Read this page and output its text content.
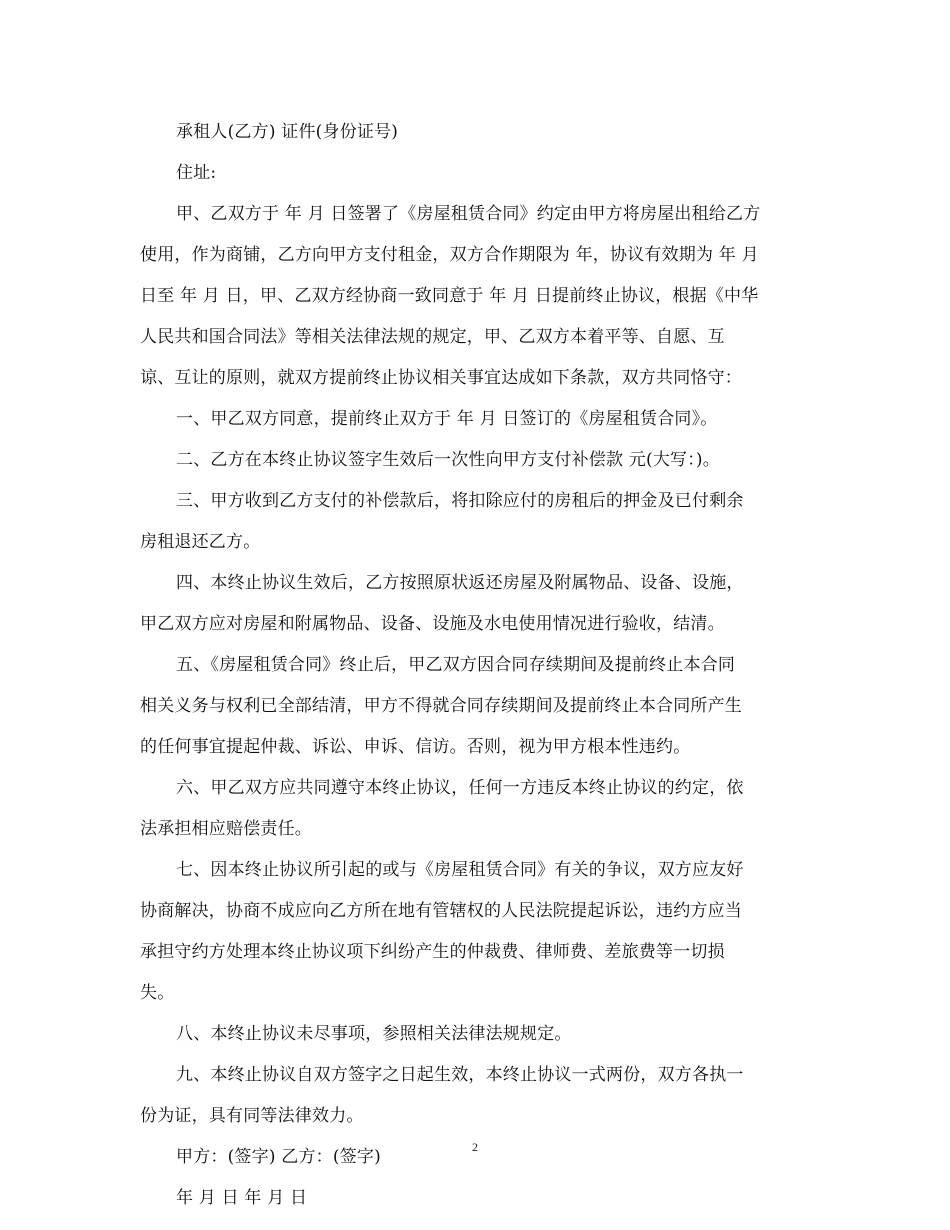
承租人(乙方) 证件(身份证号)
住址:
甲、乙双方于 年 月 日签署了《房屋租赁合同》约定由甲方将房屋出租给乙方
使用，作为商铺，乙方向甲方支付租金，双方合作期限为 年，协议有效期为 年 月
日至 年 月 日，甲、乙双方经协商一致同意于 年 月 日提前终止协议，根据《中华
人民共和国合同法》等相关法律法规的规定，甲、乙双方本着平等、自愿、互
谅、互让的原则，就双方提前终止协议相关事宜达成如下条款，双方共同恪守：
一、甲乙双方同意，提前终止双方于 年 月 日签订的《房屋租赁合同》。
二、乙方在本终止协议签字生效后一次性向甲方支付补偿款 元(大写：)。
三、甲方收到乙方支付的补偿款后，将扣除应付的房租后的押金及已付剩余
房租退还乙方。
四、本终止协议生效后，乙方按照原状返还房屋及附属物品、设备、设施，
甲乙双方应对房屋和附属物品、设备、设施及水电使用情况进行验收，结清。
五、《房屋租赁合同》终止后，甲乙双方因合同存续期间及提前终止本合同
相关义务与权利已全部结清，甲方不得就合同存续期间及提前终止本合同所产生
的任何事宜提起仲裁、诉讼、申诉、信访。否则，视为甲方根本性违约。
六、甲乙双方应共同遵守本终止协议，任何一方违反本终止协议的约定，依
法承担相应赔偿责任。
七、因本终止协议所引起的或与《房屋租赁合同》有关的争议，双方应友好
协商解决，协商不成应向乙方所在地有管辖权的人民法院提起诉讼，违约方应当
承担守约方处理本终止协议项下纠纷产生的仲裁费、律师费、差旅费等一切损
失。
八、本终止协议未尽事项，参照相关法律法规规定。
九、本终止协议自双方签字之日起生效，本终止协议一式两份，双方各执一
份为证，具有同等法律效力。
甲方：(签字) 乙方：(签字)
年 月 日 年 月 日
2
